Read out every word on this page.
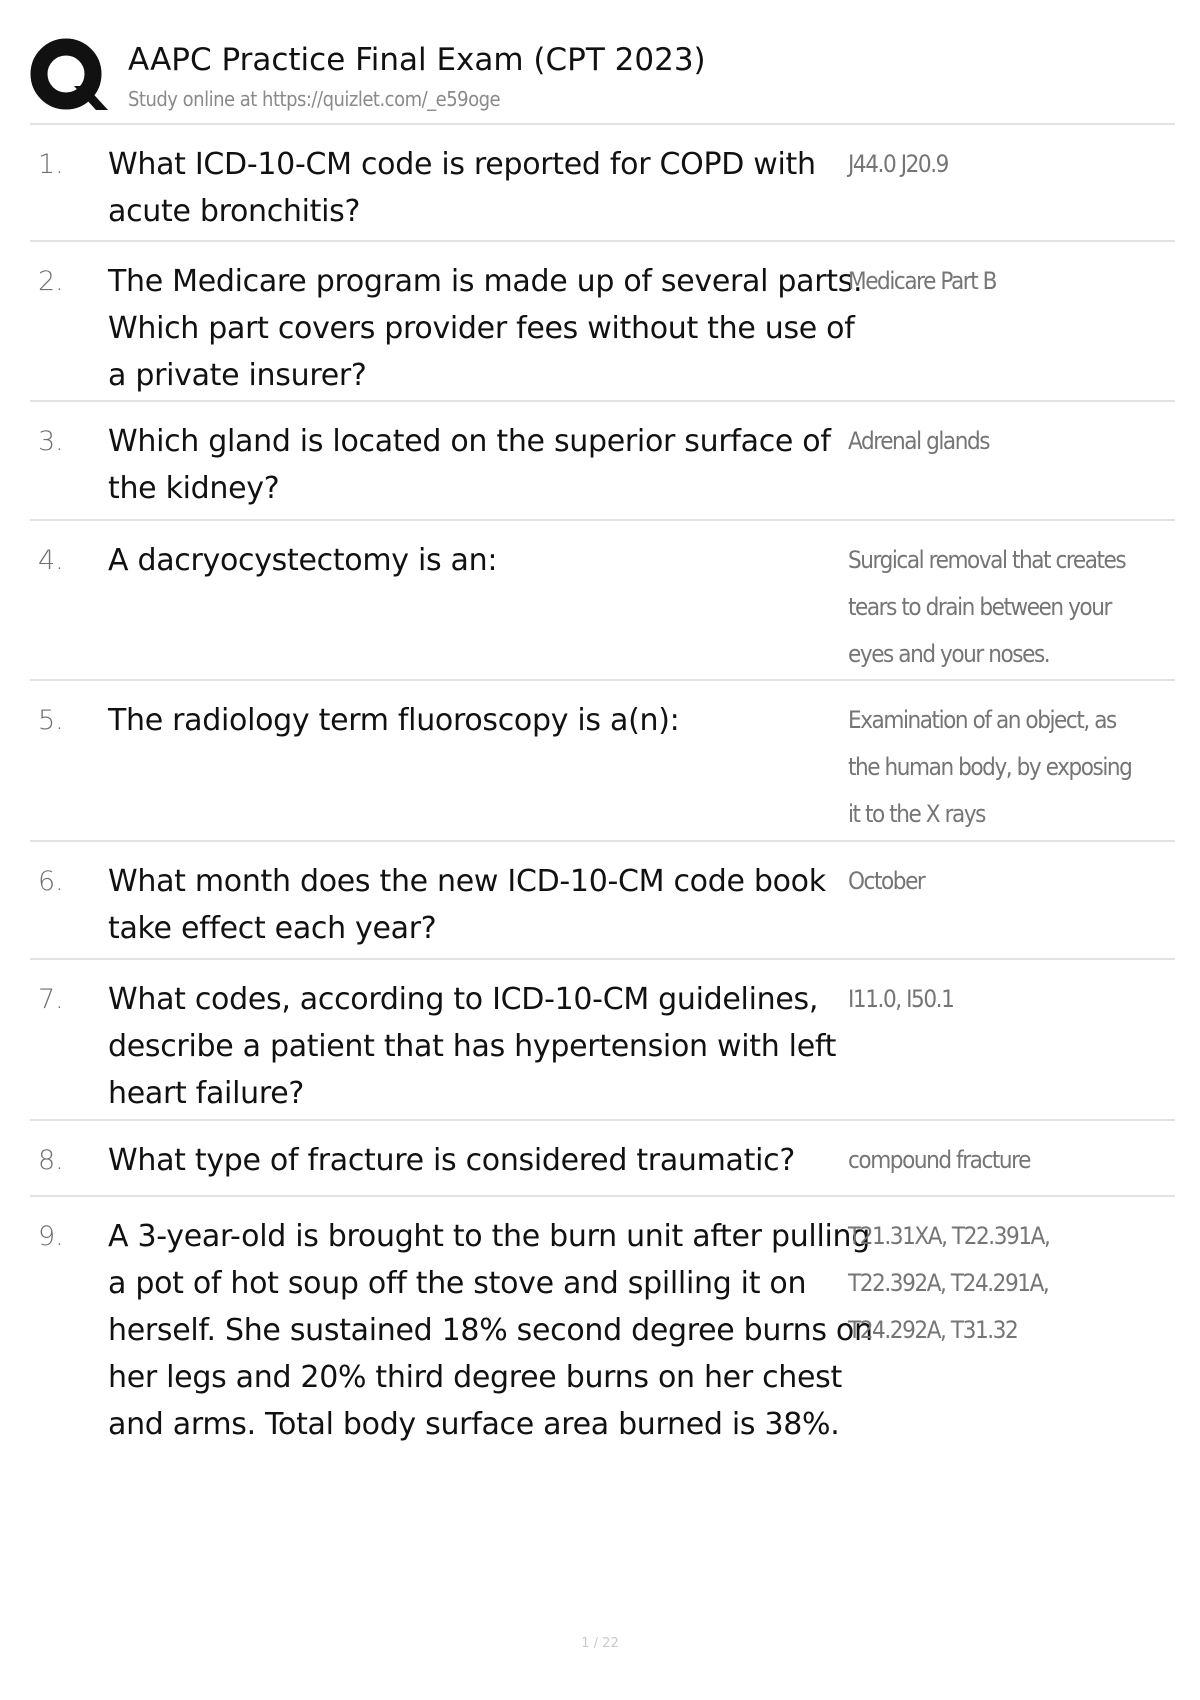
AAPC Practice Final Exam (CPT 2023)
Study online at https://quizlet.com/_e59oge
1.	What ICD-10-CM code is reported for COPD with acute bronchitis?
J44.0 J20.9
2.	The Medicare program is made up of several parts. Which part covers provider fees without the use of a private insurer?
Medicare Part B
3.	Which gland is located on the superior surface of the kidney?
Adrenal glands
4.	A dacryocystectomy is an:	Surgical removal that creates tears to drain between your eyes and your noses.
5.	The radiology term fluoroscopy is a(n):	Examination of an object, as the human body, by exposing it to the X rays
6.	What month does the new ICD-10-CM code book take effect each year?
October
7.	What codes, according to ICD-10-CM guidelines, describe a patient that has hypertension with left heart failure?
I11.0, I50.1
8.	What type of fracture is considered traumatic?	compound fracture
9.	A 3-year-old is brought to the burn unit after pulling a pot of hot soup off the stove and spilling it on herself. She sustained 18% second degree burns on her legs and 20% third degree burns on her chest and arms. Total body surface area burned is 38%.
T21.31XA, T22.391A, T22.392A, T24.291A, T24.292A, T31.32
1 / 22
